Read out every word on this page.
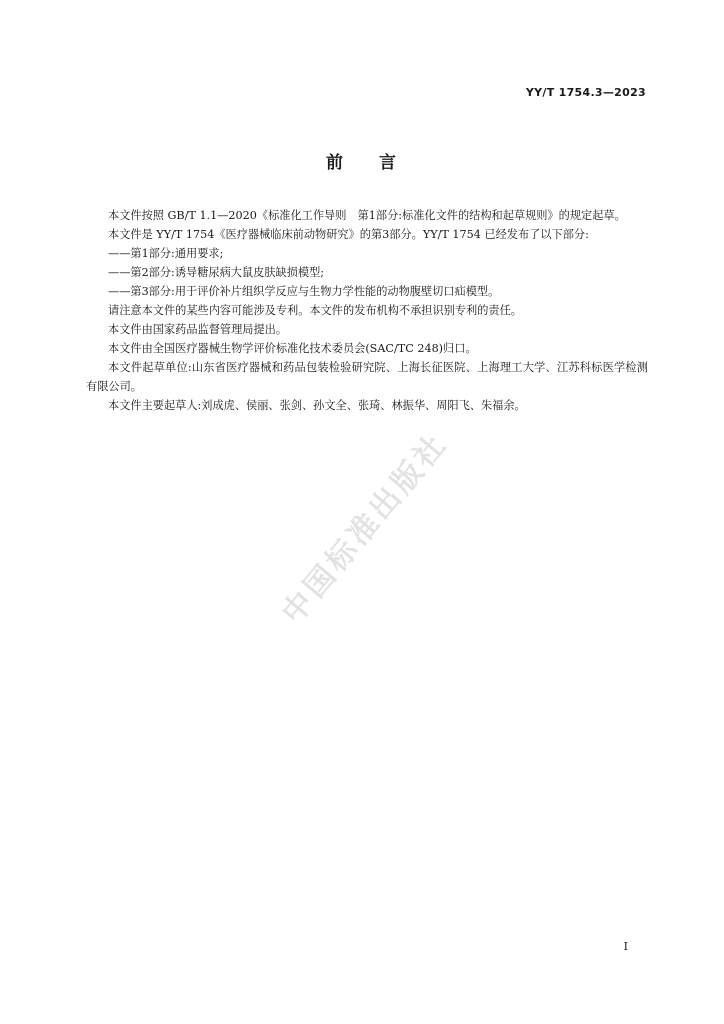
YY/T 1754.3—2023
前 言

本文件按照 GB/T 1.1—2020《标准化工作导则　第1部分:标准化文件的结构和起草规则》的规定起草。

本文件是 YY/T 1754《医疗器械临床前动物研究》的第3部分。YY/T 1754 已经发布了以下部分:

——第1部分:通用要求;

——第2部分:诱导糖尿病大鼠皮肤缺损模型;

——第3部分:用于评价补片组织学反应与生物力学性能的动物腹壁切口疝模型。

请注意本文件的某些内容可能涉及专利。本文件的发布机构不承担识别专利的责任。

本文件由国家药品监督管理局提出。

本文件由全国医疗器械生物学评价标准化技术委员会(SAC/TC 248)归口。

本文件起草单位:山东省医疗器械和药品包装检验研究院、上海长征医院、上海理工大学、江苏科标医学检测有限公司。

本文件主要起草人:刘成虎、侯丽、张剑、孙文全、张琦、林振华、周阳飞、朱福余。

中国标准出版社
I
